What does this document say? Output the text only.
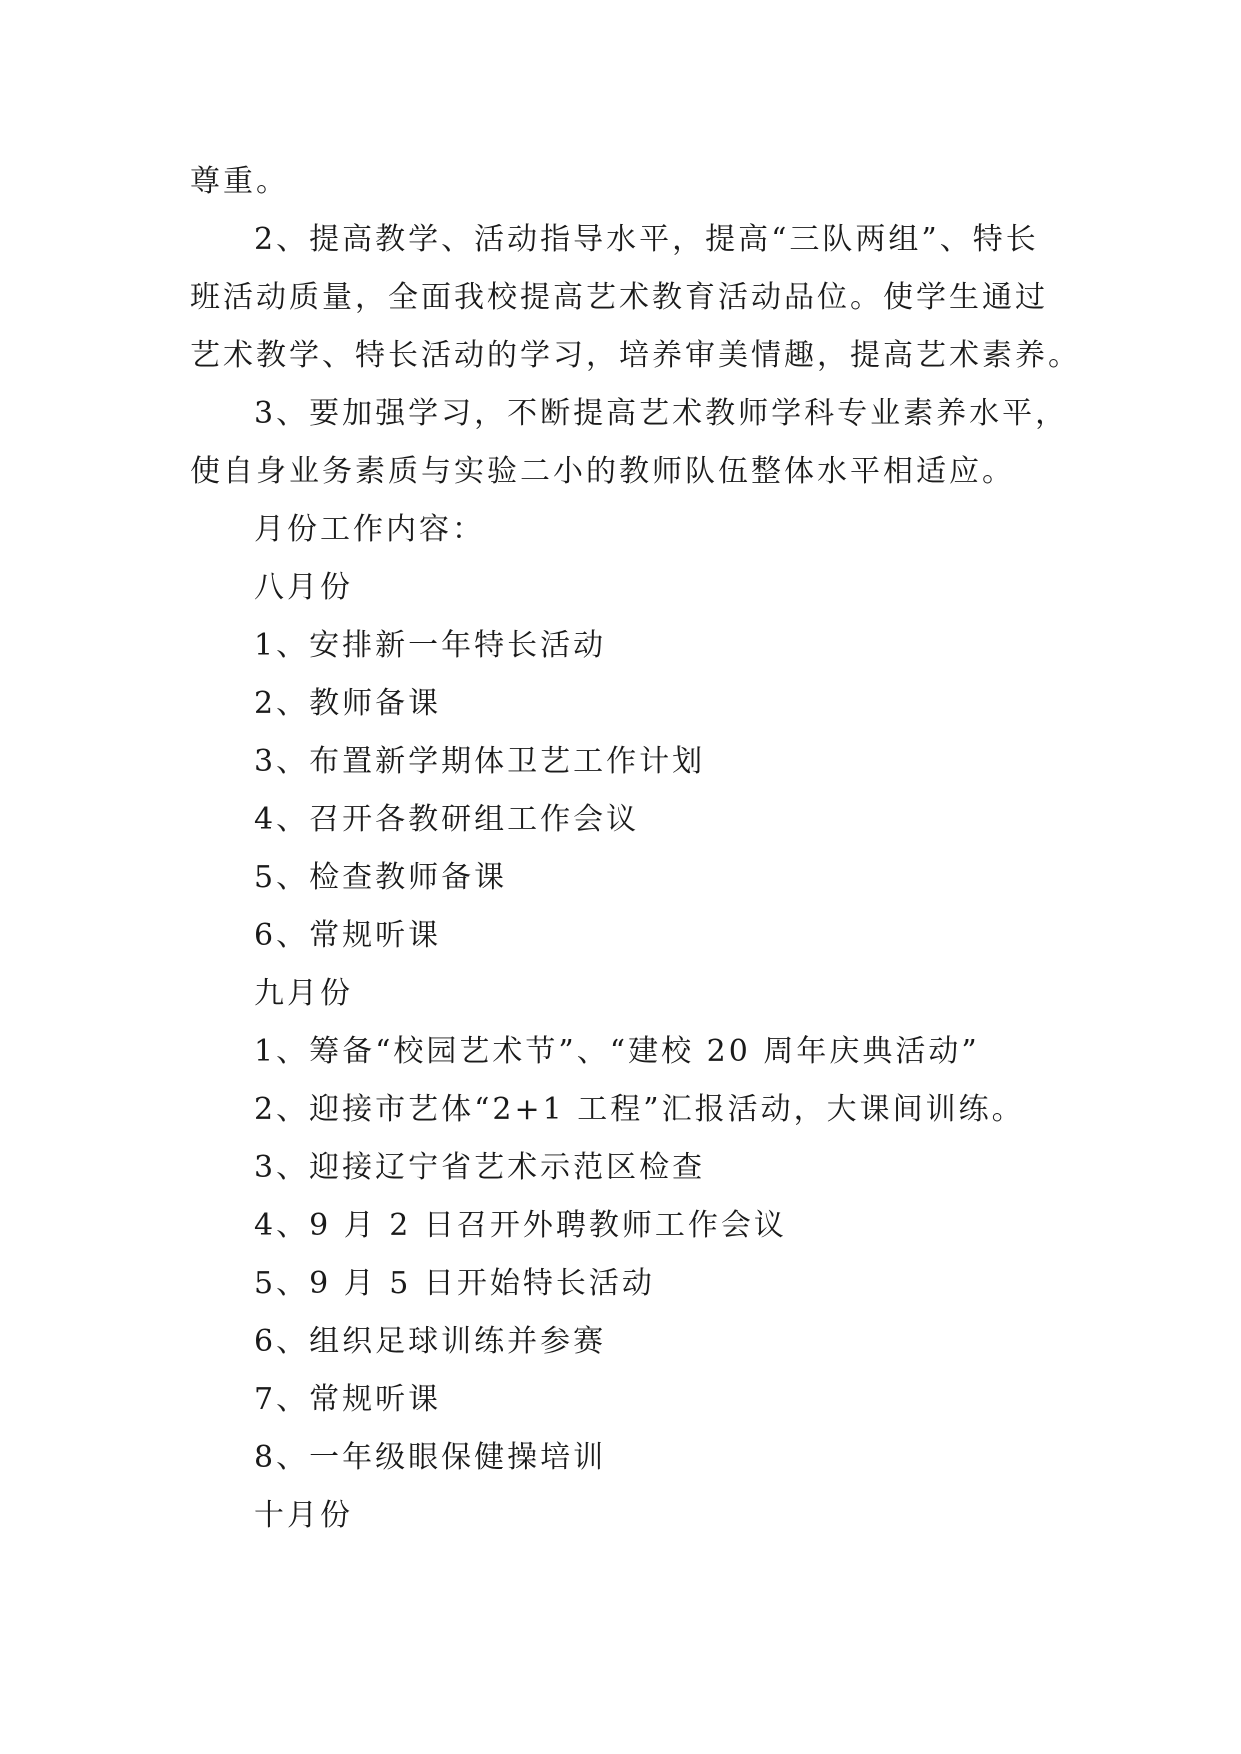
尊重。
2、提高教学、活动指导水平，提高“三队两组”、特长
班活动质量，全面我校提高艺术教育活动品位。使学生通过
艺术教学、特长活动的学习，培养审美情趣，提高艺术素养。
3、要加强学习，不断提高艺术教师学科专业素养水平，
使自身业务素质与实验二小的教师队伍整体水平相适应。
月份工作内容：
八月份
1、安排新一年特长活动
2、教师备课
3、布置新学期体卫艺工作计划
4、召开各教研组工作会议
5、检查教师备课
6、常规听课
九月份
1、筹备“校园艺术节”、“建校 20 周年庆典活动”
2、迎接市艺体“2+1 工程”汇报活动，大课间训练。
3、迎接辽宁省艺术示范区检查
4、9 月 2 日召开外聘教师工作会议
5、9 月 5 日开始特长活动
6、组织足球训练并参赛
7、常规听课
8、一年级眼保健操培训
十月份
